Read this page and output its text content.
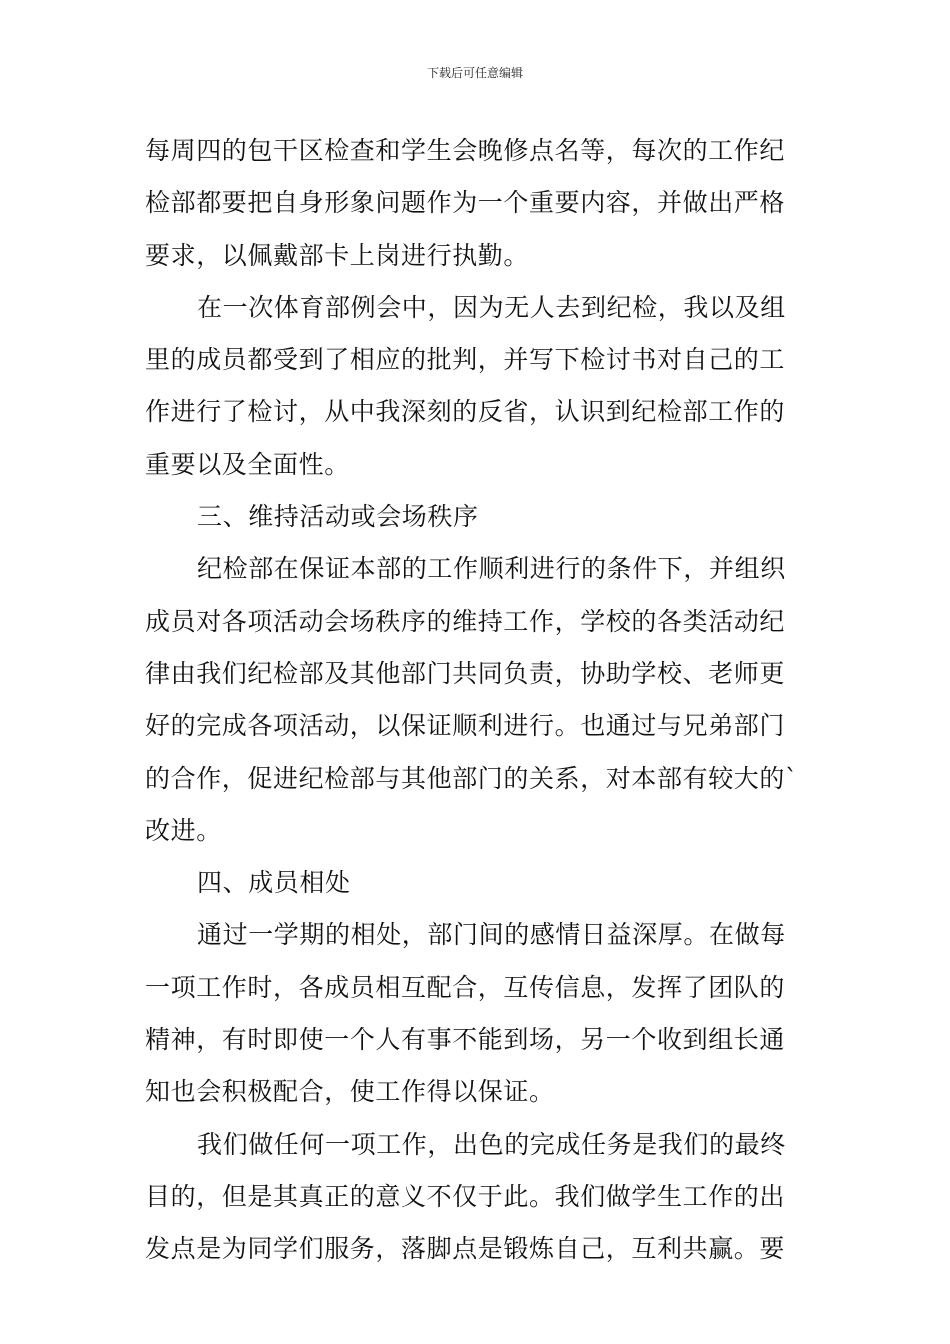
下载后可任意编辑
每周四的包干区检查和学生会晚修点名等，每次的工作纪
检部都要把自身形象问题作为一个重要内容，并做出严格
要求，以佩戴部卡上岗进行执勤。
在一次体育部例会中，因为无人去到纪检，我以及组
里的成员都受到了相应的批判，并写下检讨书对自己的工
作进行了检讨，从中我深刻的反省，认识到纪检部工作的
重要以及全面性。
三、维持活动或会场秩序
纪检部在保证本部的工作顺利进行的条件下，并组织
成员对各项活动会场秩序的维持工作，学校的各类活动纪
律由我们纪检部及其他部门共同负责，协助学校、老师更
好的完成各项活动，以保证顺利进行。也通过与兄弟部门
的合作，促进纪检部与其他部门的关系，对本部有较大的`
改进。
四、成员相处
通过一学期的相处，部门间的感情日益深厚。在做每
一项工作时，各成员相互配合，互传信息，发挥了团队的
精神，有时即使一个人有事不能到场，另一个收到组长通
知也会积极配合，使工作得以保证。
我们做任何一项工作，出色的完成任务是我们的最终
目的，但是其真正的意义不仅于此。我们做学生工作的出
发点是为同学们服务，落脚点是锻炼自己，互利共赢。要
